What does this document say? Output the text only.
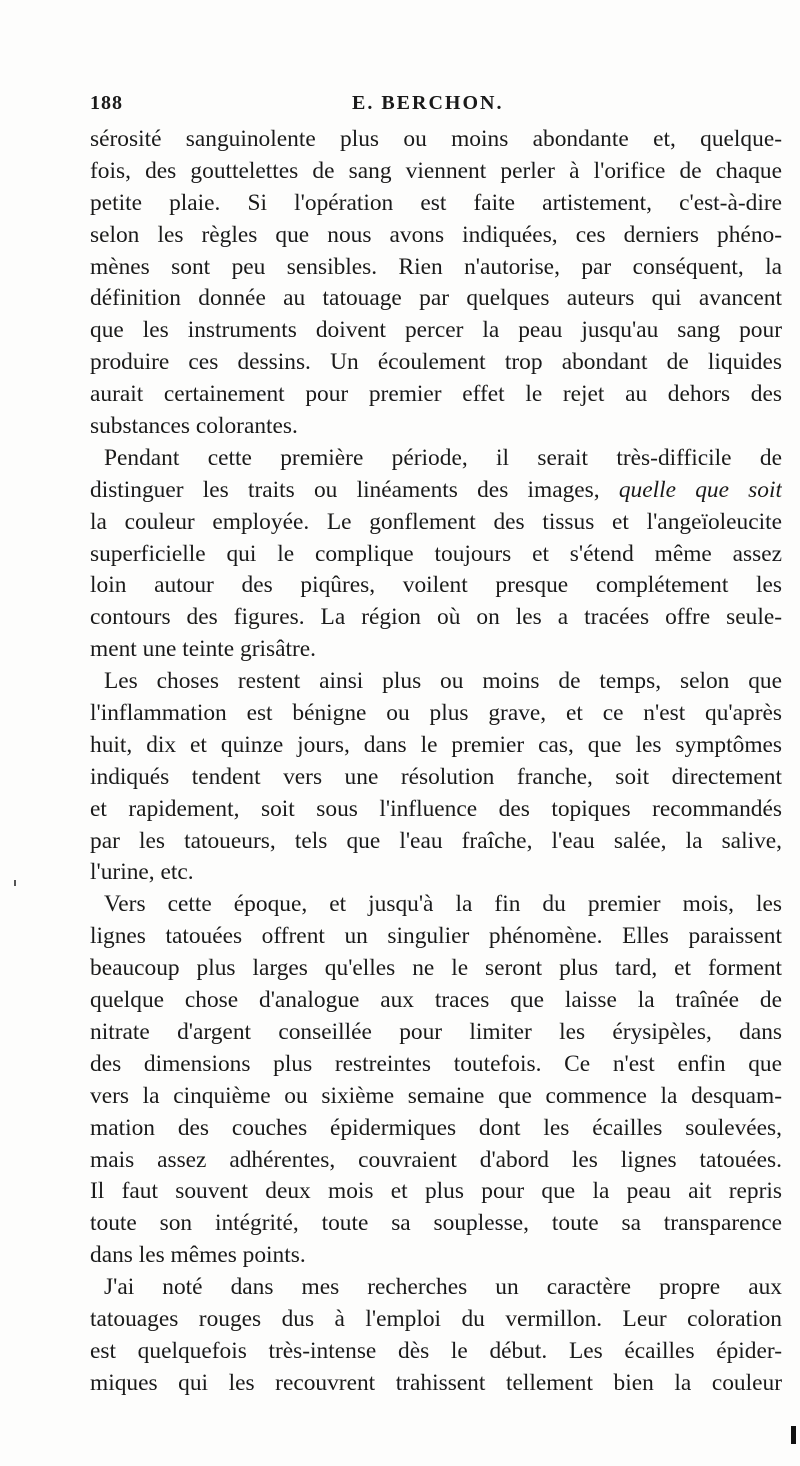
188	E. BERCHON.
sérosité sanguinolente plus ou moins abondante et, quelque-
fois, des gouttelettes de sang viennent perler à l'orifice de chaque
petite plaie. Si l'opération est faite artistement, c'est-à-dire
selon les règles que nous avons indiquées, ces derniers phéno-
mènes sont peu sensibles. Rien n'autorise, par conséquent, la
définition donnée au tatouage par quelques auteurs qui avancent
que les instruments doivent percer la peau jusqu'au sang pour
produire ces dessins. Un écoulement trop abondant de liquides
aurait certainement pour premier effet le rejet au dehors des
substances colorantes.
Pendant cette première période, il serait très-difficile de
distinguer les traits ou linéaments des images, quelle que soit
la couleur employée. Le gonflement des tissus et l'angeïoleucite
superficielle qui le complique toujours et s'étend même assez
loin autour des piqûres, voilent presque complétement les
contours des figures. La région où on les a tracées offre seule-
ment une teinte grisâtre.
Les choses restent ainsi plus ou moins de temps, selon que
l'inflammation est bénigne ou plus grave, et ce n'est qu'après
huit, dix et quinze jours, dans le premier cas, que les symptômes
indiqués tendent vers une résolution franche, soit directement
et rapidement, soit sous l'influence des topiques recommandés
par les tatoueurs, tels que l'eau fraîche, l'eau salée, la salive,
l'urine, etc.
Vers cette époque, et jusqu'à la fin du premier mois, les
lignes tatouées offrent un singulier phénomène. Elles paraissent
beaucoup plus larges qu'elles ne le seront plus tard, et forment
quelque chose d'analogue aux traces que laisse la traînée de
nitrate d'argent conseillée pour limiter les érysipèles, dans
des dimensions plus restreintes toutefois. Ce n'est enfin que
vers la cinquième ou sixième semaine que commence la desquam-
mation des couches épidermiques dont les écailles soulevées,
mais assez adhérentes, couvraient d'abord les lignes tatouées.
Il faut souvent deux mois et plus pour que la peau ait repris
toute son intégrité, toute sa souplesse, toute sa transparence
dans les mêmes points.
J'ai noté dans mes recherches un caractère propre aux
tatouages rouges dus à l'emploi du vermillon. Leur coloration
est quelquefois très-intense dès le début. Les écailles épider-
miques qui les recouvrent trahissent tellement bien la couleur
